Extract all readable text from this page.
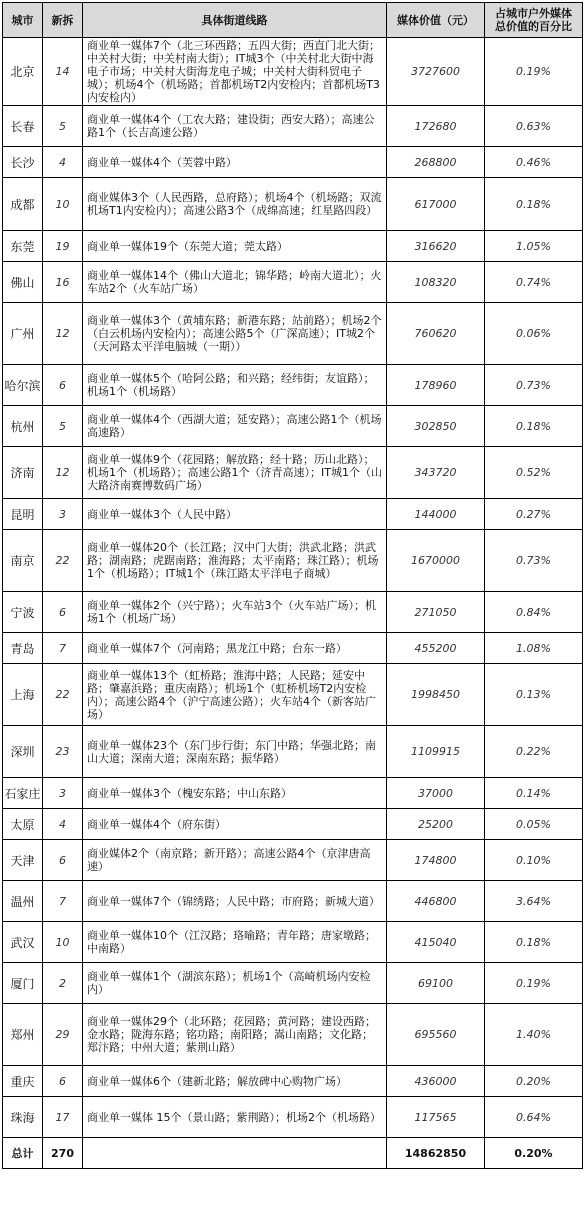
城市	新拆	具体街道线路	媒体价值（元）	占城市户外媒体总价值的百分比
北京	14	商业单一媒体7个（北三环西路；五四大街；西直门北大街；中关村大街；中关村南大街）；IT城3个（中关村北大街中海电子市场；中关村大街海龙电子城；中关村大街科贸电子城）；机场4个（机场路；首都机场T2内安检内；首都机场T3内安检内）	3727600	0.19%
长春	5	商业单一媒体4个（工农大路；建设街；西安大路）；高速公路1个（长吉高速公路）	172680	0.63%
长沙	4	商业单一媒体4个（芙蓉中路）	268800	0.46%
成都	10	商业媒体3个（人民西路，总府路）；机场4个（机场路；双流机场T1内安检内）；高速公路3个（成绵高速；红星路四段）	617000	0.18%
东莞	19	商业单一媒体19个（东莞大道；莞太路）	316620	1.05%
佛山	16	商业单一媒体14个（佛山大道北；锦华路；岭南大道北）；火车站2个（火车站广场）	108320	0.74%
广州	12	商业单一媒体3个（黄埔东路；新港东路；站前路）；机场2个（白云机场内安检内）；高速公路5个（广深高速）；IT城2个（天河路太平洋电脑城（一期））	760620	0.06%
哈尔滨	6	商业单一媒体5个（哈阿公路；和兴路；经纬街；友谊路）；机场1个（机场路）	178960	0.73%
杭州	5	商业单一媒体4个（西湖大道；延安路）；高速公路1个（机场高速路）	302850	0.18%
济南	12	商业单一媒体9个（花园路；解放路；经十路；历山北路）；机场1个（机场路）；高速公路1个（济青高速）；IT城1个（山大路济南赛博数码广场）	343720	0.52%
昆明	3	商业单一媒体3个（人民中路）	144000	0.27%
南京	22	商业单一媒体20个（长江路；汉中门大街；洪武北路；洪武路；湖南路；虎踞南路；淮海路；太平南路；珠江路）；机场1个（机场路）；IT城1个（珠江路太平洋电子商城）	1670000	0.73%
宁波	6	商业单一媒体2个（兴宁路）；火车站3个（火车站广场）；机场1个（机场广场）	271050	0.84%
青岛	7	商业单一媒体7个（河南路；黑龙江中路；台东一路）	455200	1.08%
上海	22	商业单一媒体13个（虹桥路；淮海中路；人民路；延安中路；肇嘉浜路；重庆南路）；机场1个（虹桥机场T2内安检内）；高速公路4个（沪宁高速公路）；火车站4个（新客站广场）	1998450	0.13%
深圳	23	商业单一媒体23个（东门步行街；东门中路；华强北路；南山大道；深南大道；深南东路；振华路）	1109915	0.22%
石家庄	3	商业单一媒体3个（槐安东路；中山东路）	37000	0.14%
太原	4	商业单一媒体4个（府东街）	25200	0.05%
天津	6	商业媒体2个（南京路；新开路）；高速公路4个（京津唐高速）	174800	0.10%
温州	7	商业单一媒体7个（锦绣路；人民中路；市府路；新城大道）	446800	3.64%
武汉	10	商业单一媒体10个（江汉路；珞喻路；青年路；唐家墩路；中南路）	415040	0.18%
厦门	2	商业单一媒体1个（湖滨东路）；机场1个（高崎机场内安检内）	69100	0.19%
郑州	29	商业单一媒体29个（北环路；花园路；黄河路；建设西路；金水路；陇海东路；铭功路；南阳路；嵩山南路；文化路；郑汴路；中州大道；紫荆山路）	695560	1.40%
重庆	6	商业单一媒体6个（建新北路；解放碑中心购物广场）	436000	0.20%
珠海	17	商业单一媒体 15个（景山路；紫荆路）；机场2个（机场路）	117565	0.64%
总计	270		14862850	0.20%
